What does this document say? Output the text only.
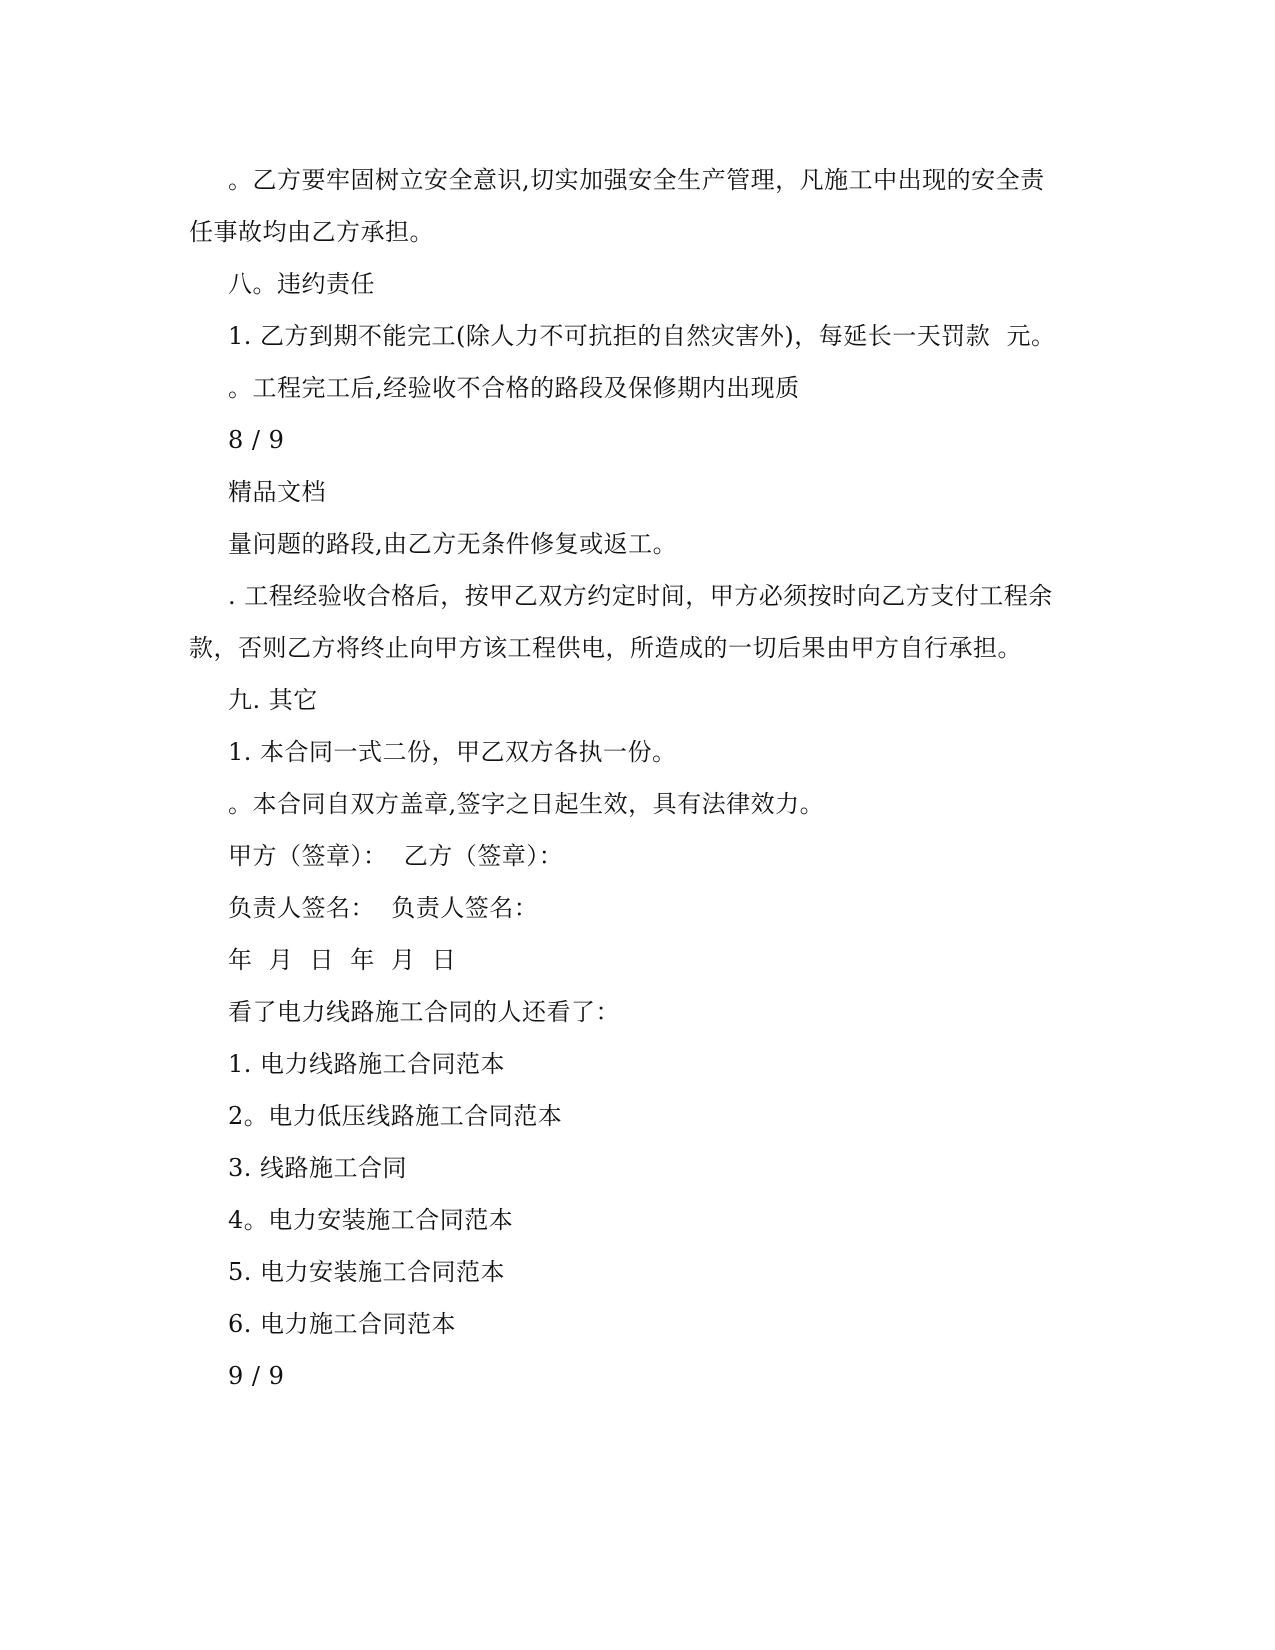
。乙方要牢固树立安全意识,切实加强安全生产管理，凡施工中出现的安全责
任事故均由乙方承担。
八。违约责任
1. 乙方到期不能完工(除人力不可抗拒的自然灾害外)，每延长一天罚款  元。
。工程完工后,经验收不合格的路段及保修期内出现质
8 / 9
精品文档
量问题的路段,由乙方无条件修复或返工。
. 工程经验收合格后，按甲乙双方约定时间，甲方必须按时向乙方支付工程余
款，否则乙方将终止向甲方该工程供电，所造成的一切后果由甲方自行承担。
九. 其它
1. 本合同一式二份，甲乙双方各执一份。
。本合同自双方盖章,签字之日起生效，具有法律效力。
甲方（签章）：  乙方（签章）：
负责人签名：  负责人签名：
年  月  日  年  月  日
看了电力线路施工合同的人还看了：
1. 电力线路施工合同范本
2。电力低压线路施工合同范本
3. 线路施工合同
4。电力安装施工合同范本
5. 电力安装施工合同范本
6. 电力施工合同范本
9 / 9
